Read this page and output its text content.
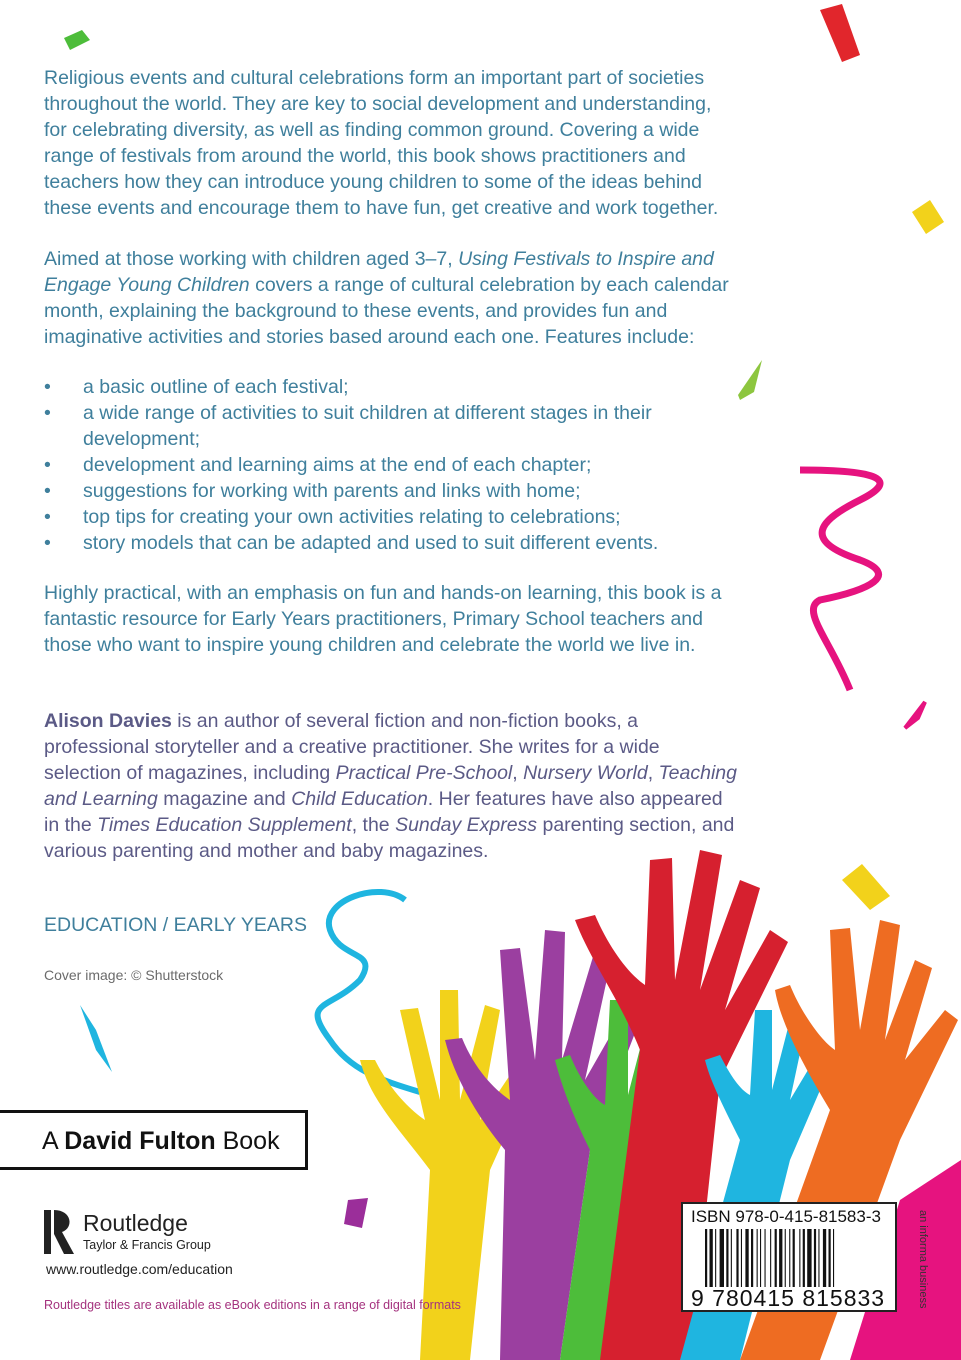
Religious events and cultural celebrations form an important part of societies
throughout the world. They are key to social development and understanding,
for celebrating diversity, as well as finding common ground. Covering a wide
range of festivals from around the world, this book shows practitioners and
teachers how they can introduce young children to some of the ideas behind
these events and encourage them to have fun, get creative and work together.
Aimed at those working with children aged 3–7, Using Festivals to Inspire and
Engage Young Children covers a range of cultural celebration by each calendar
month, explaining the background to these events, and provides fun and
imaginative activities and stories based around each one. Features include:
• a basic outline of each festival;
• a wide range of activities to suit children at different stages in their
development;
• development and learning aims at the end of each chapter;
• suggestions for working with parents and links with home;
• top tips for creating your own activities relating to celebrations;
• story models that can be adapted and used to suit different events.
Highly practical, with an emphasis on fun and hands-on learning, this book is a
fantastic resource for Early Years practitioners, Primary School teachers and
those who want to inspire young children and celebrate the world we live in.
Alison Davies is an author of several fiction and non-fiction books, a
professional storyteller and a creative practitioner. She writes for a wide
selection of magazines, including Practical Pre-School, Nursery World, Teaching
and Learning magazine and Child Education. Her features have also appeared
in the Times Education Supplement, the Sunday Express parenting section, and
various parenting and mother and baby magazines.
EDUCATION / EARLY YEARS
Cover image: © Shutterstock
A David Fulton Book
Routledge
Taylor & Francis Group
www.routledge.com/education
Routledge titles are available as eBook editions in a range of digital formats
ISBN 978-0-415-81583-3
9 780415 815833	an informa business
